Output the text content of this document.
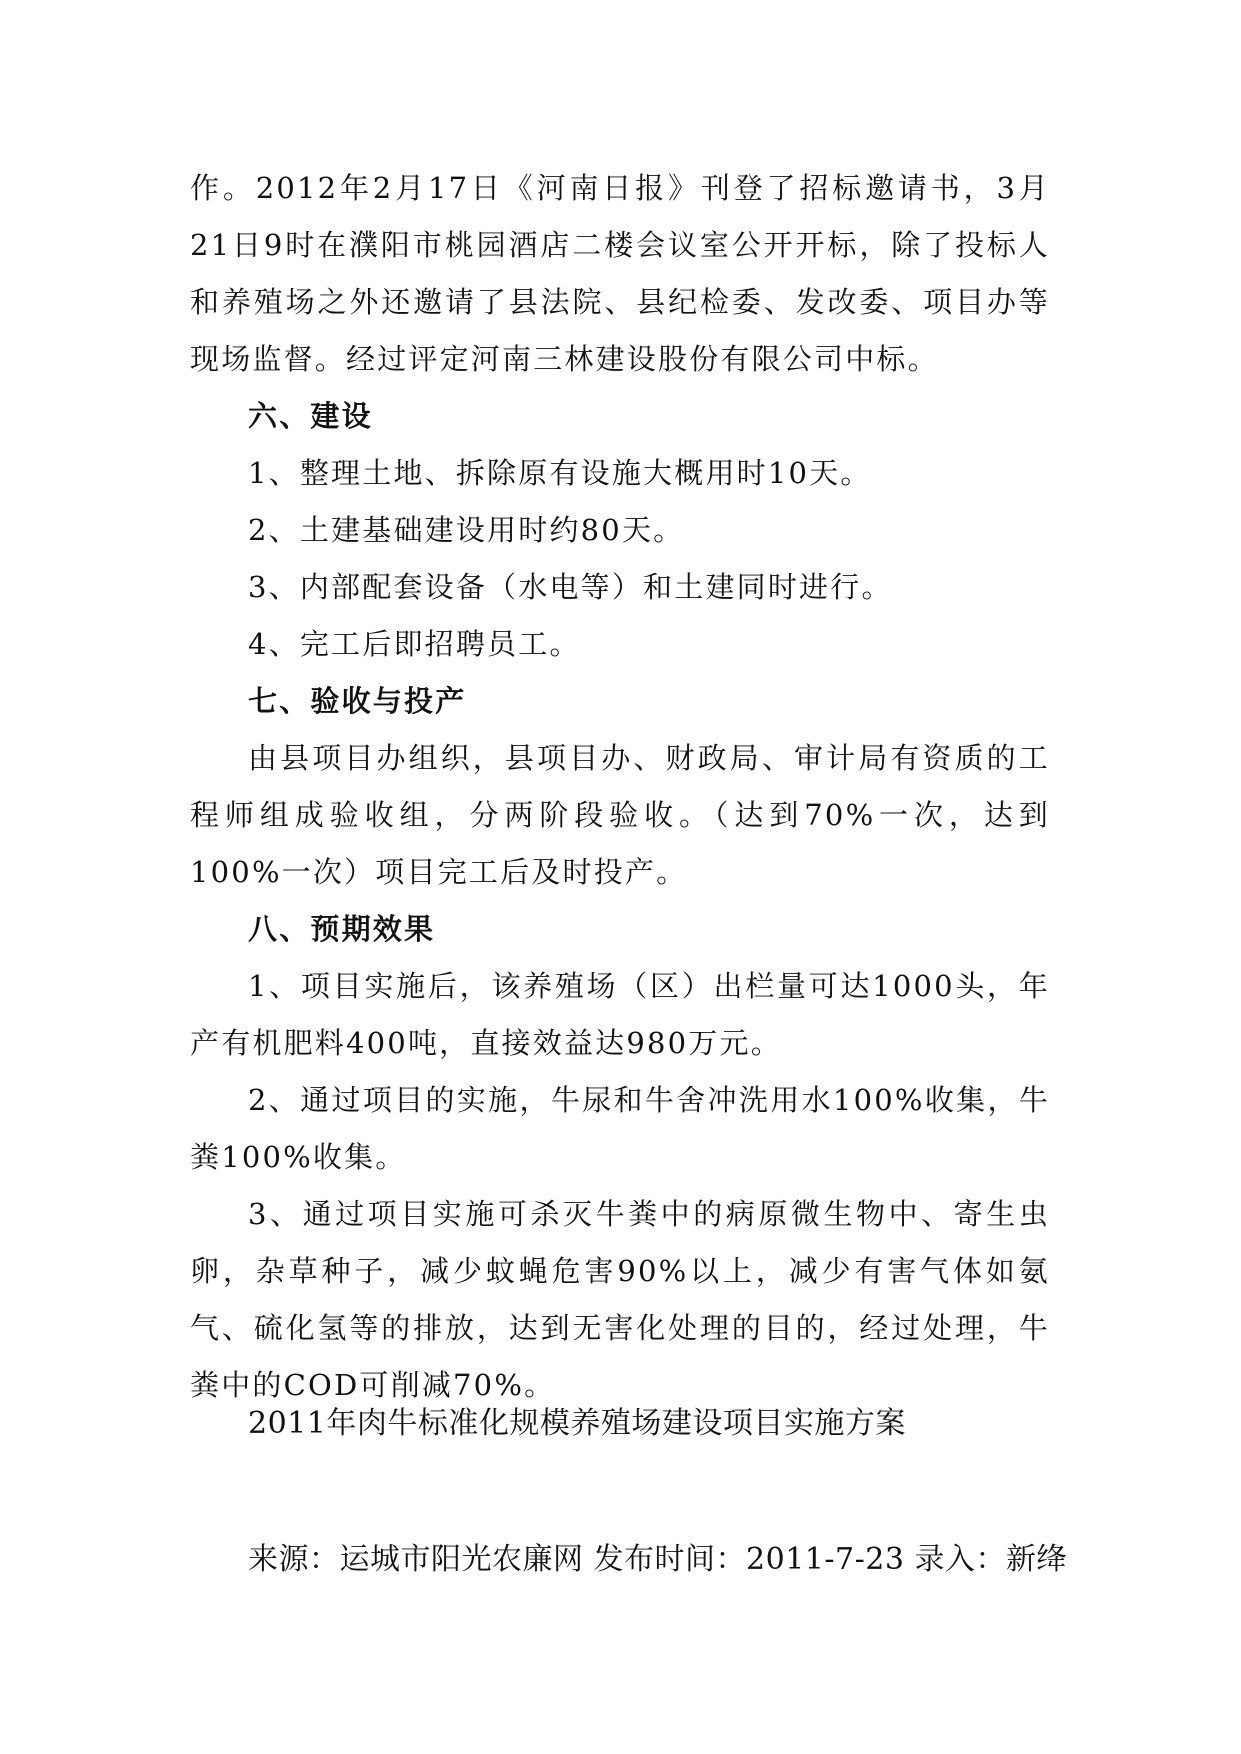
作。2012年2月17日《河南日报》刊登了招标邀请书，3月21日9时在濮阳市桃园酒店二楼会议室公开开标，除了投标人和养殖场之外还邀请了县法院、县纪检委、发改委、项目办等现场监督。经过评定河南三林建设股份有限公司中标。

六、建设

1、整理土地、拆除原有设施大概用时10天。

2、土建基础建设用时约80天。

3、内部配套设备（水电等）和土建同时进行。

4、完工后即招聘员工。

七、验收与投产

由县项目办组织，县项目办、财政局、审计局有资质的工程师组成验收组，分两阶段验收。（达到70%一次，达到100%一次）项目完工后及时投产。

八、预期效果

1、项目实施后，该养殖场（区）出栏量可达1000头，年产有机肥料400吨，直接效益达980万元。

2、通过项目的实施，牛尿和牛舍冲洗用水100%收集，牛粪100%收集。

3、通过项目实施可杀灭牛粪中的病原微生物中、寄生虫卵，杂草种子，减少蚊蝇危害90%以上，减少有害气体如氨气、硫化氢等的排放，达到无害化处理的目的，经过处理，牛粪中的COD可削减70%。

2011年肉牛标准化规模养殖场建设项目实施方案
来源：运城市阳光农廉网 发布时间：2011-7-23 录入：新绛
